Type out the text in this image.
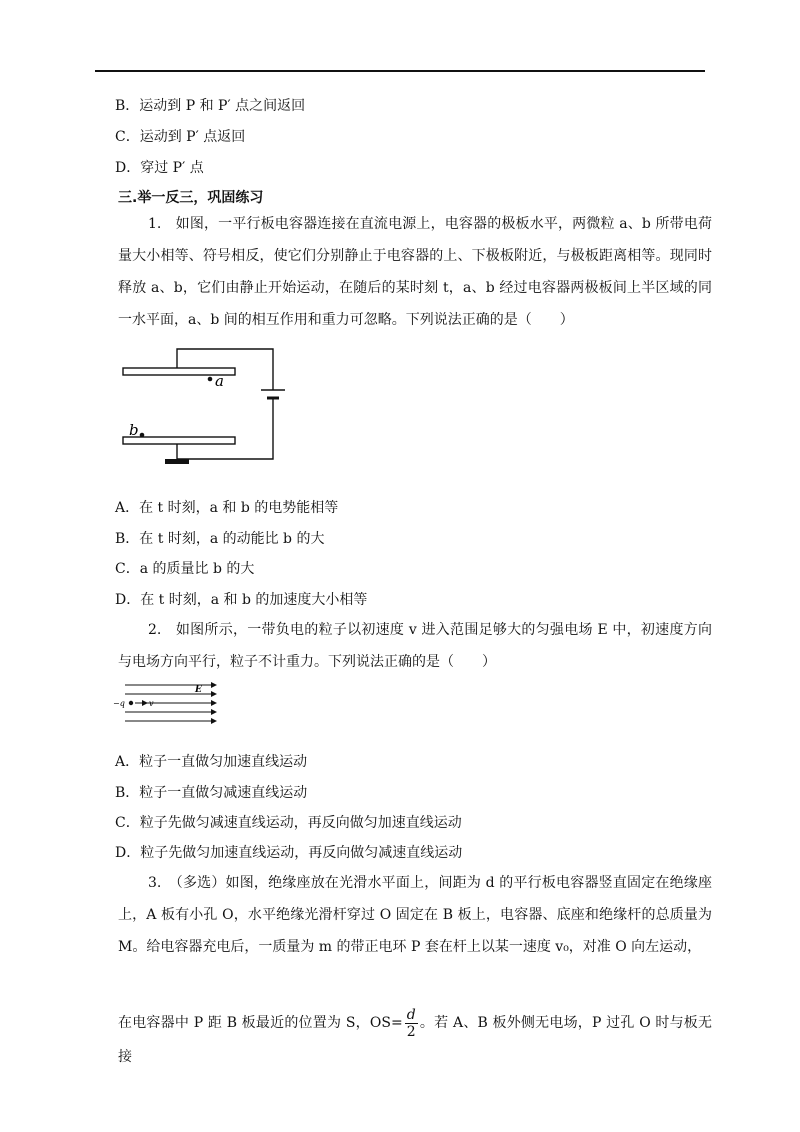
B．运动到 P 和 P′ 点之间返回
C．运动到 P′ 点返回
D．穿过 P′ 点
三.举一反三，巩固练习
1.　如图，一平行板电容器连接在直流电源上，电容器的极板水平，两微粒 a、b 所带电荷量大小相等、符号相反，使它们分别静止于电容器的上、下极板附近，与极板距离相等。现同时释放 a、b，它们由静止开始运动，在随后的某时刻 t，a、b 经过电容器两极板间上半区域的同一水平面，a、b 间的相互作用和重力可忽略。下列说法正确的是（　　）
a
b
A．在 t 时刻，a 和 b 的电势能相等
B．在 t 时刻，a 的动能比 b 的大
C．a 的质量比 b 的大
D．在 t 时刻，a 和 b 的加速度大小相等
2.　如图所示，一带负电的粒子以初速度 v 进入范围足够大的匀强电场 E 中，初速度方向与电场方向平行，粒子不计重力。下列说法正确的是（　　）
E
−q	v
A．粒子一直做匀加速直线运动
B．粒子一直做匀减速直线运动
C．粒子先做匀减速直线运动，再反向做匀加速直线运动
D．粒子先做匀加速直线运动，再反向做匀减速直线运动
3.　（多选）如图，绝缘座放在光滑水平面上，间距为 d 的平行板电容器竖直固定在绝缘座上，A 板有小孔 O，水平绝缘光滑杆穿过 O 固定在 B 板上，电容器、底座和绝缘杆的总质量为M。给电容器充电后，一质量为 m 的带正电环 P 套在杆上以某一速度 v₀，对准 O 向左运动，
在电容器中 P 距 B 板最近的位置为 S，$OS= \frac{d}{2}$ 。若 A、B 板外侧无电场，P 过孔 O 时与板无接
